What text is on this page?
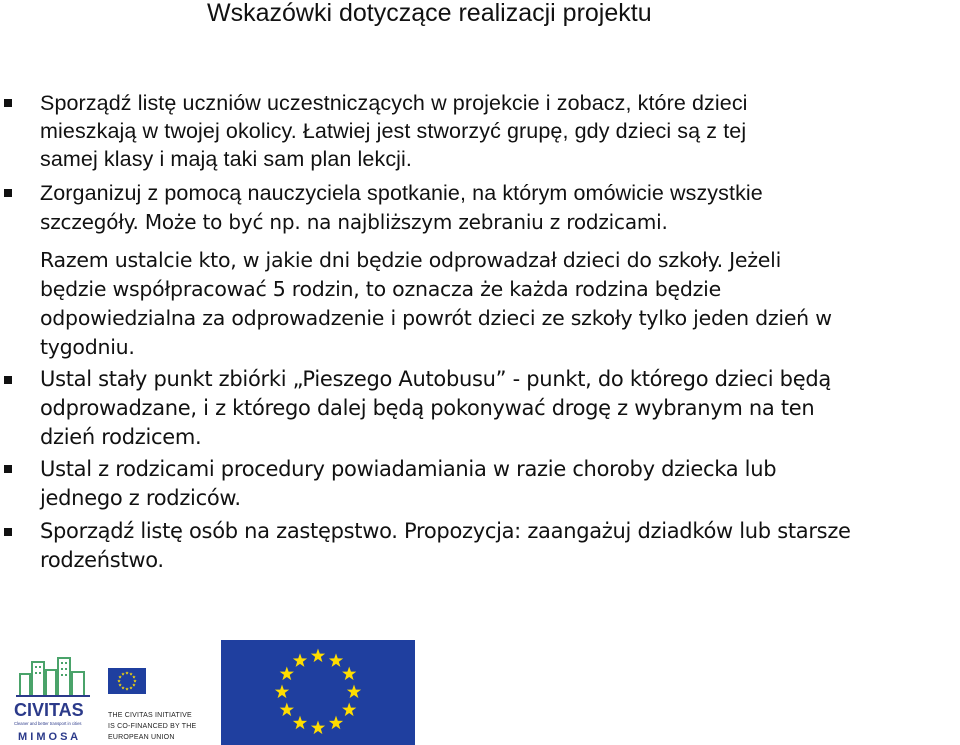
Wskazówki dotyczące realizacji projektu
Sporządź listę uczniów uczestniczących w projekcie i zobacz, które dzieci
mieszkają w twojej okolicy. Łatwiej jest stworzyć grupę, gdy dzieci są z tej
samej klasy i mają taki sam plan lekcji.
Zorganizuj z pomocą nauczyciela spotkanie, na którym omówicie wszystkie
szczegóły. Może to być np. na najbliższym zebraniu z rodzicami.
Razem ustalcie kto, w jakie dni będzie odprowadzał dzieci do szkoły. Jeżeli
będzie współpracować 5 rodzin, to oznacza że każda rodzina będzie
odpowiedzialna za odprowadzenie i powrót dzieci ze szkoły tylko jeden dzień w
tygodniu.
Ustal stały punkt zbiórki „Pieszego Autobusu” - punkt, do którego dzieci będą
odprowadzane, i z którego dalej będą pokonywać drogę z wybranym na ten
dzień rodzicem.
Ustal z rodzicami procedury powiadamiania w razie choroby dziecka lub
jednego z rodziców.
Sporządź listę osób na zastępstwo. Propozycja: zaangażuj dziadków lub starsze
rodzeństwo.
CIVITAS
Cleaner and better transport in cities
M I M O S A
THE CIVITAS INITIATIVE
IS CO-FINANCED BY THE
EUROPEAN UNION
